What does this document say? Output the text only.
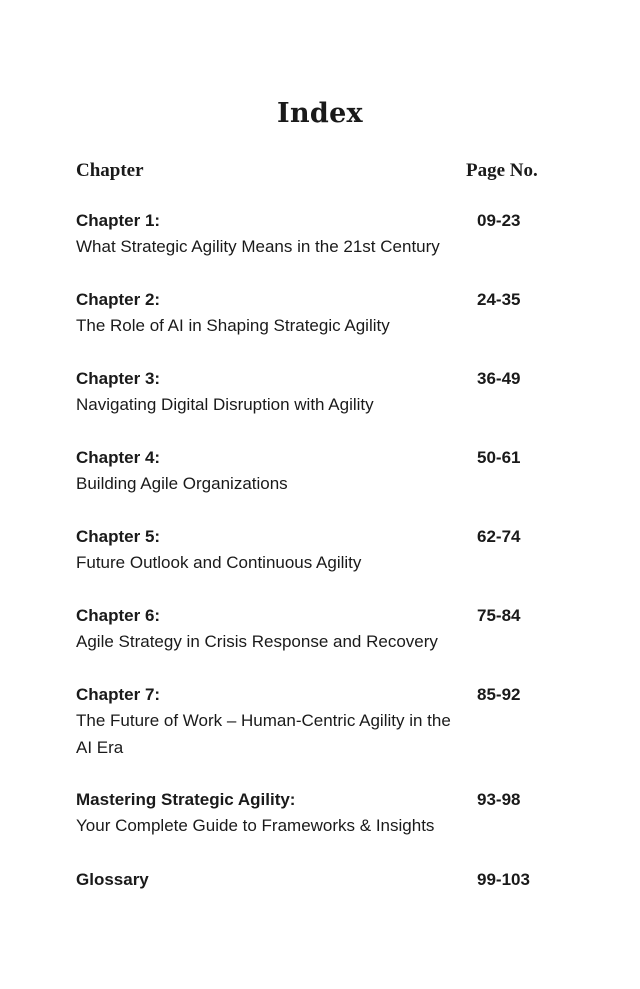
Index
Chapter	Page No.
Chapter 1:
What Strategic Agility Means in the 21st Century
09-23
Chapter 2:
The Role of AI in Shaping Strategic Agility
24-35
Chapter 3:
Navigating Digital Disruption with Agility
36-49
Chapter 4:
Building Agile Organizations
50-61
Chapter 5:
Future Outlook and Continuous Agility
62-74
Chapter 6:
Agile Strategy in Crisis Response and Recovery
75-84
Chapter 7:
The Future of Work – Human-Centric Agility in the AI Era
85-92
Mastering Strategic Agility:
Your Complete Guide to Frameworks & Insights
93-98
Glossary	99-103
